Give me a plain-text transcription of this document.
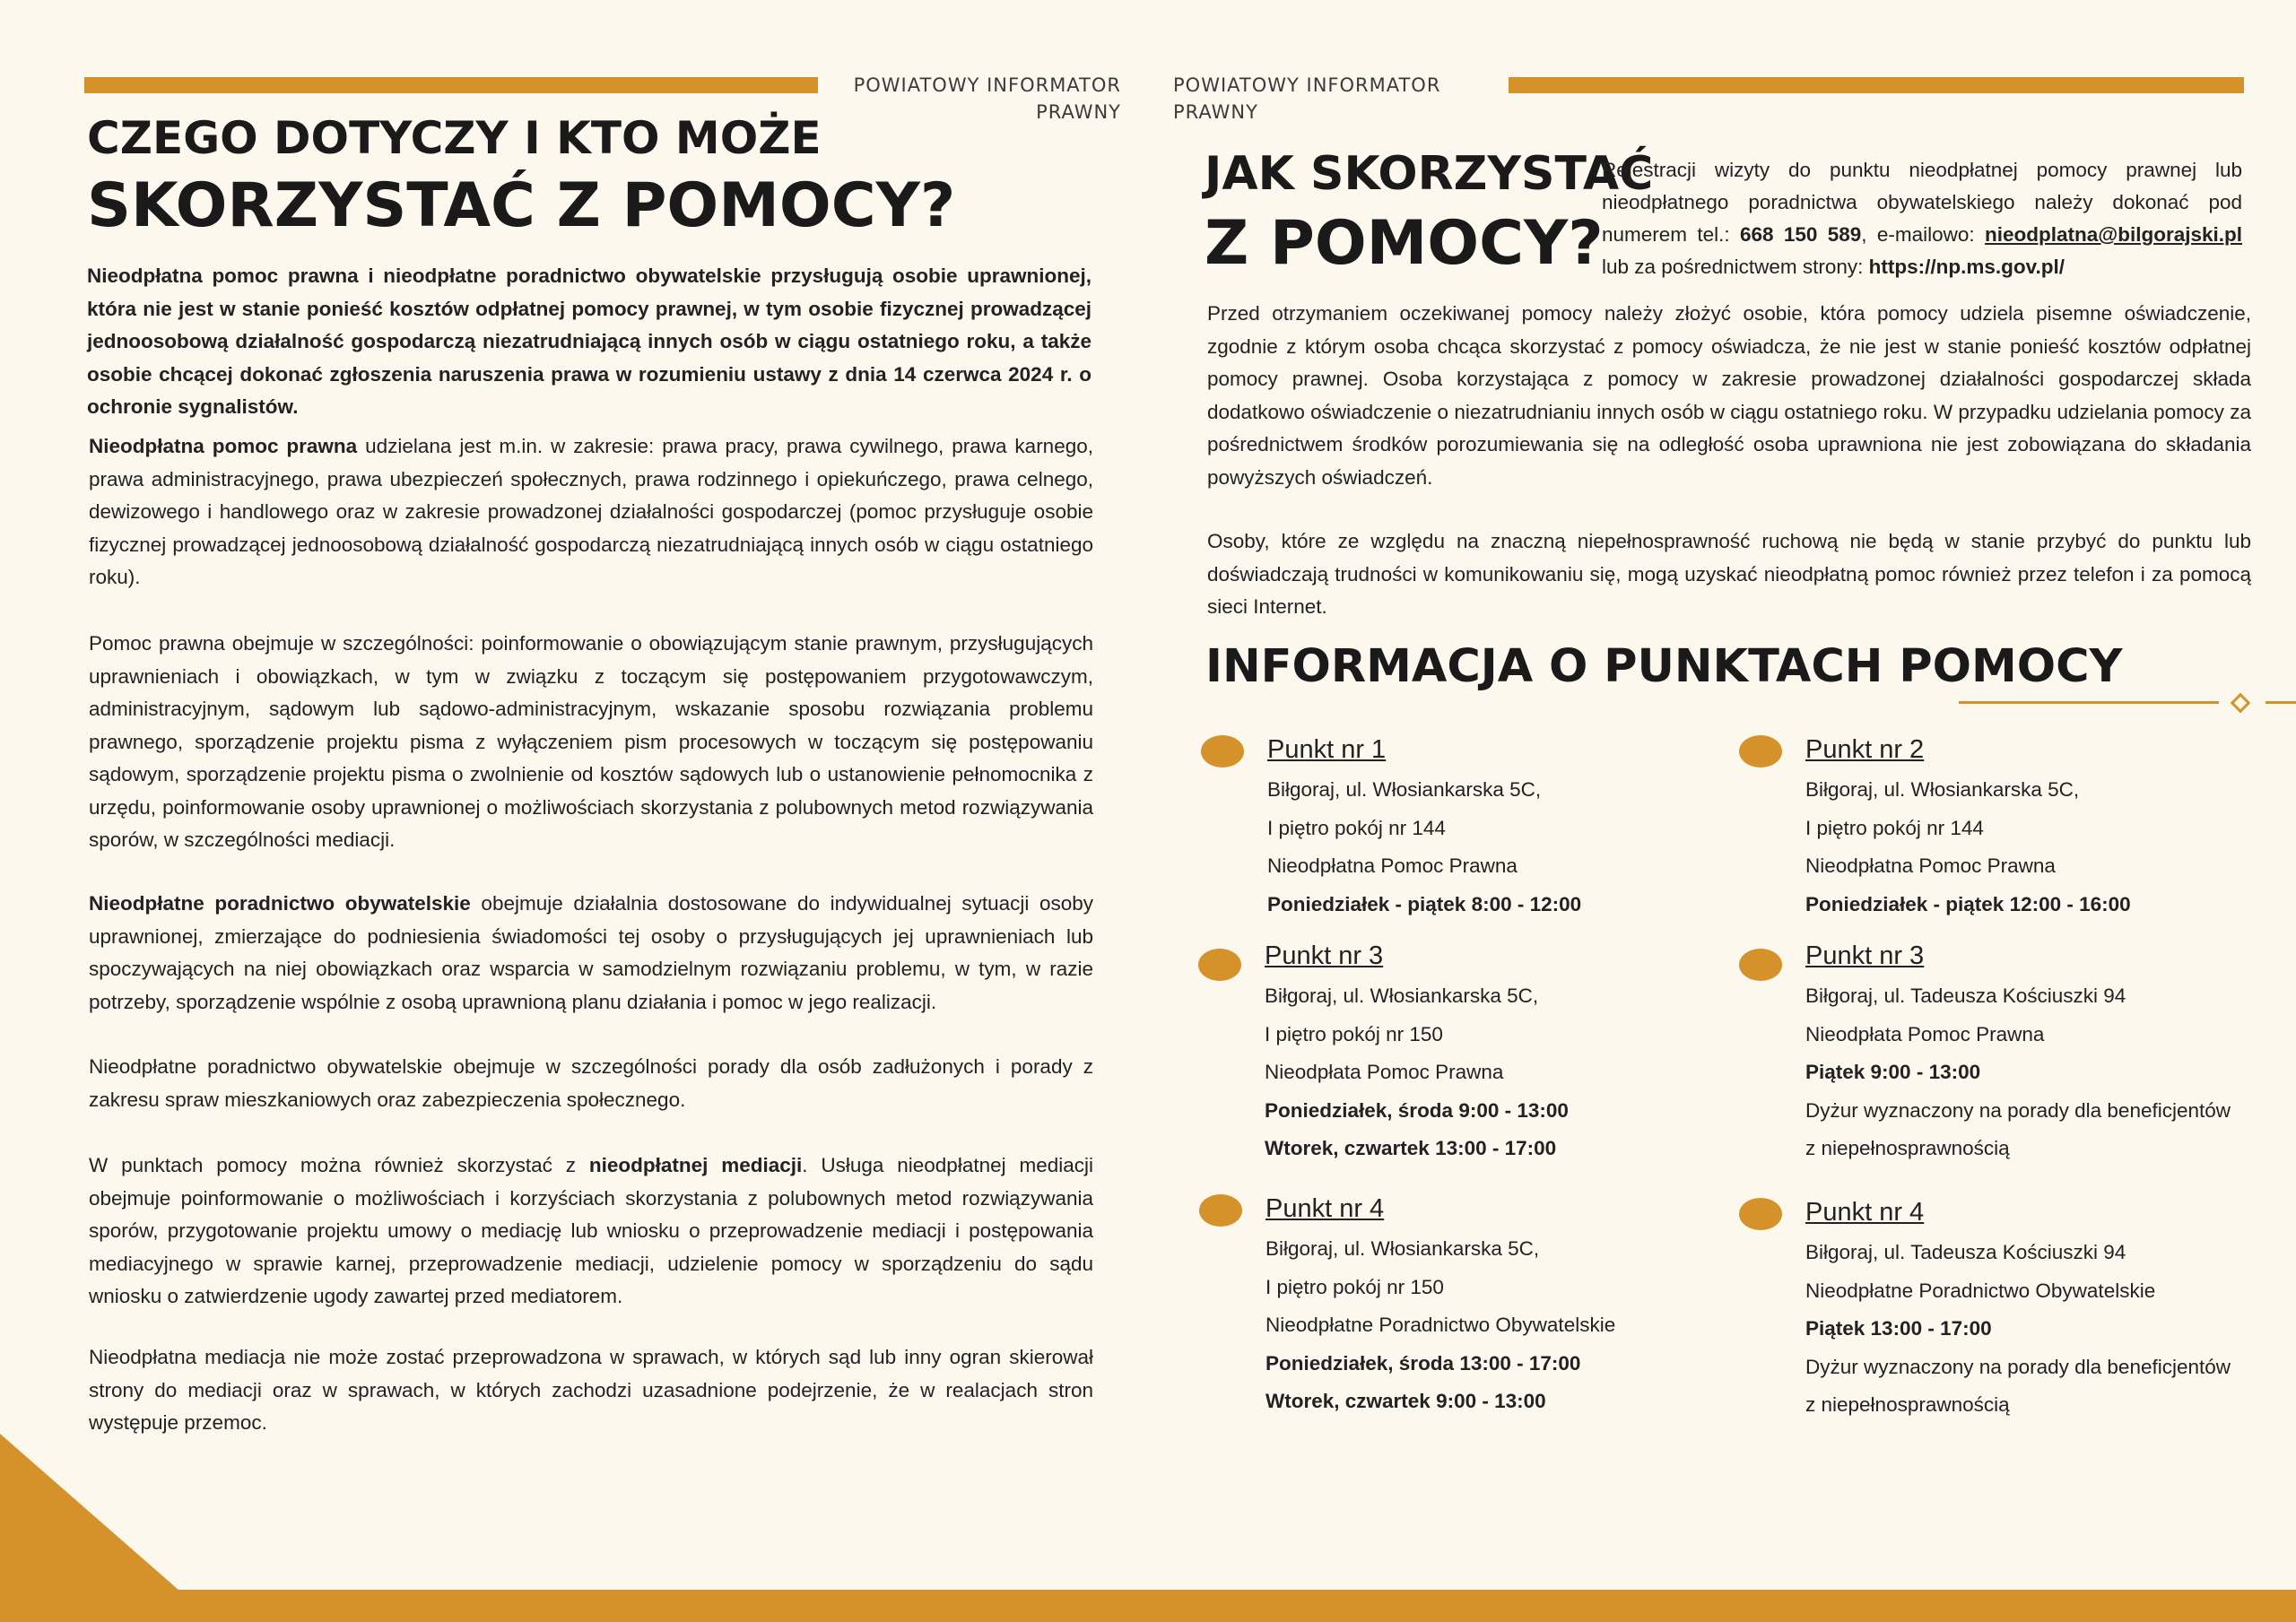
POWIATOWY INFORMATOR
PRAWNY
CZEGO DOTYCZY I KTO MOŻE
SKORZYSTAĆ Z POMOCY?
Nieodpłatna pomoc prawna i nieodpłatne poradnictwo obywatelskie przysługują osobie uprawnionej, która nie jest w stanie ponieść kosztów odpłatnej pomocy prawnej, w tym osobie fizycznej prowadzącej jednoosobową działalność gospodarczą niezatrudniającą innych osób w ciągu ostatniego roku, a także osobie chcącej dokonać zgłoszenia naruszenia prawa w rozumieniu ustawy z dnia 14 czerwca 2024 r. o ochronie sygnalistów.
Nieodpłatna pomoc prawna udzielana jest m.in. w zakresie: prawa pracy, prawa cywilnego, prawa karnego, prawa administracyjnego, prawa ubezpieczeń społecznych, prawa rodzinnego i opiekuńczego, prawa celnego, dewizowego i handlowego oraz w zakresie prowadzonej działalności gospodarczej (pomoc przysługuje osobie fizycznej prowadzącej jednoosobową działalność gospodarczą niezatrudniającą innych osób w ciągu ostatniego roku).
Pomoc prawna obejmuje w szczególności: poinformowanie o obowiązującym stanie prawnym, przysługujących uprawnieniach i obowiązkach, w tym w związku z toczącym się postępowaniem przygotowawczym, administracyjnym, sądowym lub sądowo-administracyjnym, wskazanie sposobu rozwiązania problemu prawnego, sporządzenie projektu pisma z wyłączeniem pism procesowych w toczącym się postępowaniu sądowym, sporządzenie projektu pisma o zwolnienie od kosztów sądowych lub o ustanowienie pełnomocnika z urzędu, poinformowanie osoby uprawnionej o możliwościach skorzystania z polubownych metod rozwiązywania sporów, w szczególności mediacji.
Nieodpłatne poradnictwo obywatelskie obejmuje działalnia dostosowane do indywidualnej sytuacji osoby uprawnionej, zmierzające do podniesienia świadomości tej osoby o przysługujących jej uprawnieniach lub spoczywających na niej obowiązkach oraz wsparcia w samodzielnym rozwiązaniu problemu, w tym, w razie potrzeby, sporządzenie wspólnie z osobą uprawnioną planu działania i pomoc w jego realizacji.
Nieodpłatne poradnictwo obywatelskie obejmuje w szczególności porady dla osób zadłużonych i porady z zakresu spraw mieszkaniowych oraz zabezpieczenia społecznego.
W punktach pomocy można również skorzystać z nieodpłatnej mediacji. Usługa nieodpłatnej mediacji obejmuje poinformowanie o możliwościach i korzyściach skorzystania z polubownych metod rozwiązywania sporów, przygotowanie projektu umowy o mediację lub wniosku o przeprowadzenie mediacji i postępowania mediacyjnego w sprawie karnej, przeprowadzenie mediacji, udzielenie pomocy w sporządzeniu do sądu wniosku o zatwierdzenie ugody zawartej przed mediatorem.
Nieodpłatna mediacja nie może zostać przeprowadzona w sprawach, w których sąd lub inny ogran skierował strony do mediacji oraz w sprawach, w których zachodzi uzasadnione podejrzenie, że w realacjach stron występuje przemoc.
POWIATOWY INFORMATOR
PRAWNY
JAK SKORZYSTAĆ
Z POMOCY?
Rejestracji wizyty do punktu nieodpłatnej pomocy prawnej lub nieodpłatnego poradnictwa obywatelskiego należy dokonać pod numerem tel.: 668 150 589, e-mailowo: nieodplatna@bilgorajski.pl lub za pośrednictwem strony: https://np.ms.gov.pl/
Przed otrzymaniem oczekiwanej pomocy należy złożyć osobie, która pomocy udziela pisemne oświadczenie, zgodnie z którym osoba chcąca skorzystać z pomocy oświadcza, że nie jest w stanie ponieść kosztów odpłatnej pomocy prawnej. Osoba korzystająca z pomocy w zakresie prowadzonej działalności gospodarczej składa dodatkowo oświadczenie o niezatrudnianiu innych osób w ciągu ostatniego roku. W przypadku udzielania pomocy za pośrednictwem środków porozumiewania się na odległość osoba uprawniona nie jest zobowiązana do składania powyższych oświadczeń.
Osoby, które ze względu na znaczną niepełnosprawność ruchową nie będą w stanie przybyć do punktu lub doświadczają trudności w komunikowaniu się, mogą uzyskać nieodpłatną pomoc również przez telefon i za pomocą sieci Internet.
INFORMACJA O PUNKTACH POMOCY
Punkt nr 1
Biłgoraj, ul. Włosiankarska 5C,
I piętro pokój nr 144
Nieodpłatna Pomoc Prawna
Poniedziałek - piątek 8:00 - 12:00
Punkt nr 2
Biłgoraj, ul. Włosiankarska 5C,
I piętro pokój nr 144
Nieodpłatna Pomoc Prawna
Poniedziałek - piątek 12:00 - 16:00
Punkt nr 3
Biłgoraj, ul. Włosiankarska 5C,
I piętro pokój nr 150
Nieodpłata Pomoc Prawna
Poniedziałek, środa 9:00 - 13:00
Wtorek, czwartek 13:00 - 17:00
Punkt nr 3
Biłgoraj, ul. Tadeusza Kościuszki 94
Nieodpłata Pomoc Prawna
Piątek 9:00 - 13:00
Dyżur wyznaczony na porady dla beneficjentów
z niepełnosprawnością
Punkt nr 4
Biłgoraj, ul. Włosiankarska 5C,
I piętro pokój nr 150
Nieodpłatne Poradnictwo Obywatelskie
Poniedziałek, środa 13:00 - 17:00
Wtorek, czwartek 9:00 - 13:00
Punkt nr 4
Biłgoraj, ul. Tadeusza Kościuszki 94
Nieodpłatne Poradnictwo Obywatelskie
Piątek 13:00 - 17:00
Dyżur wyznaczony na porady dla beneficjentów
z niepełnosprawnością
